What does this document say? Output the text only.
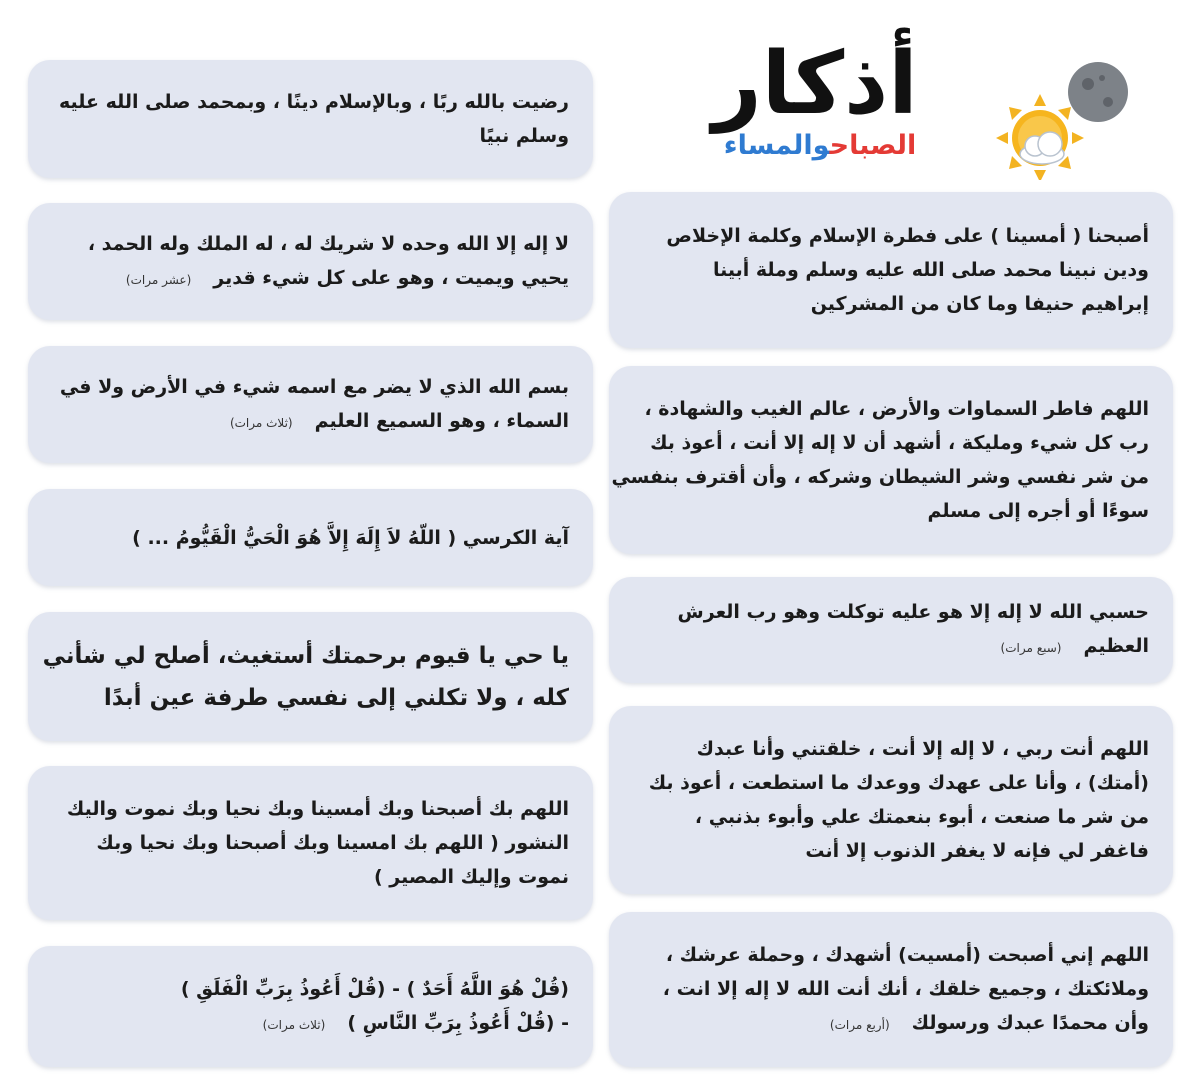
أذكار
الصباحوالمساء
رضيت بالله ربًا ، وبالإسلام دينًا ، وبمحمد صلى الله عليه
وسلم نبيًا
لا إله إلا الله وحده لا شريك له ، له الملك وله الحمد ،
يحيي ويميت ، وهو على كل شيء قدير(عشر مرات)
بسم الله الذي لا يضر مع اسمه شيء في الأرض ولا في
السماء ، وهو السميع العليم(ثلاث مرات)
آية الكرسي ( اللّهُ لاَ إِلَهَ إِلاَّ هُوَ الْحَيُّ الْقَيُّومُ ... )
يا حي يا قيوم برحمتك أستغيث، أصلح لي شأني
كله ، ولا تكلني إلى نفسي طرفة عين أبدًا
اللهم بك أصبحنا وبك أمسينا وبك نحيا وبك نموت واليك
النشور ( اللهم بك امسينا وبك أصبحنا وبك نحيا وبك
نموت وإليك المصير )
(قُلْ هُوَ اللَّهُ أَحَدٌ ) - (قُلْ أَعُوذُ بِرَبِّ الْفَلَقِ )
- (قُلْ أَعُوذُ بِرَبِّ النَّاسِ )(ثلاث مرات)
أصبحنا ( أمسينا ) على فطرة الإسلام وكلمة الإخلاص
ودين نبينا محمد صلى الله عليه وسلم وملة أبينا
إبراهيم حنيفا وما كان من المشركين
اللهم فاطر السماوات والأرض ، عالم الغيب والشهادة ،
رب كل شيء ومليكة ، أشهد أن لا إله إلا أنت ، أعوذ بك
من شر نفسي وشر الشيطان وشركه ، وأن أقترف بنفسي
سوءًا أو أجره إلى مسلم
حسبي الله لا إله إلا هو عليه توكلت وهو رب العرش
العظيم(سبع مرات)
اللهم أنت ربي ، لا إله إلا أنت ، خلقتني وأنا عبدك
(أمتك) ، وأنا على عهدك ووعدك ما استطعت ، أعوذ بك
من شر ما صنعت ، أبوء بنعمتك علي وأبوء بذنبي ،
فاغفر لي فإنه لا يغفر الذنوب إلا أنت
اللهم إني أصبحت (أمسيت) أشهدك ، وحملة عرشك ،
وملائكتك ، وجميع خلقك ، أنك أنت الله لا إله إلا انت ،
وأن محمدًا عبدك ورسولك(أربع مرات)
